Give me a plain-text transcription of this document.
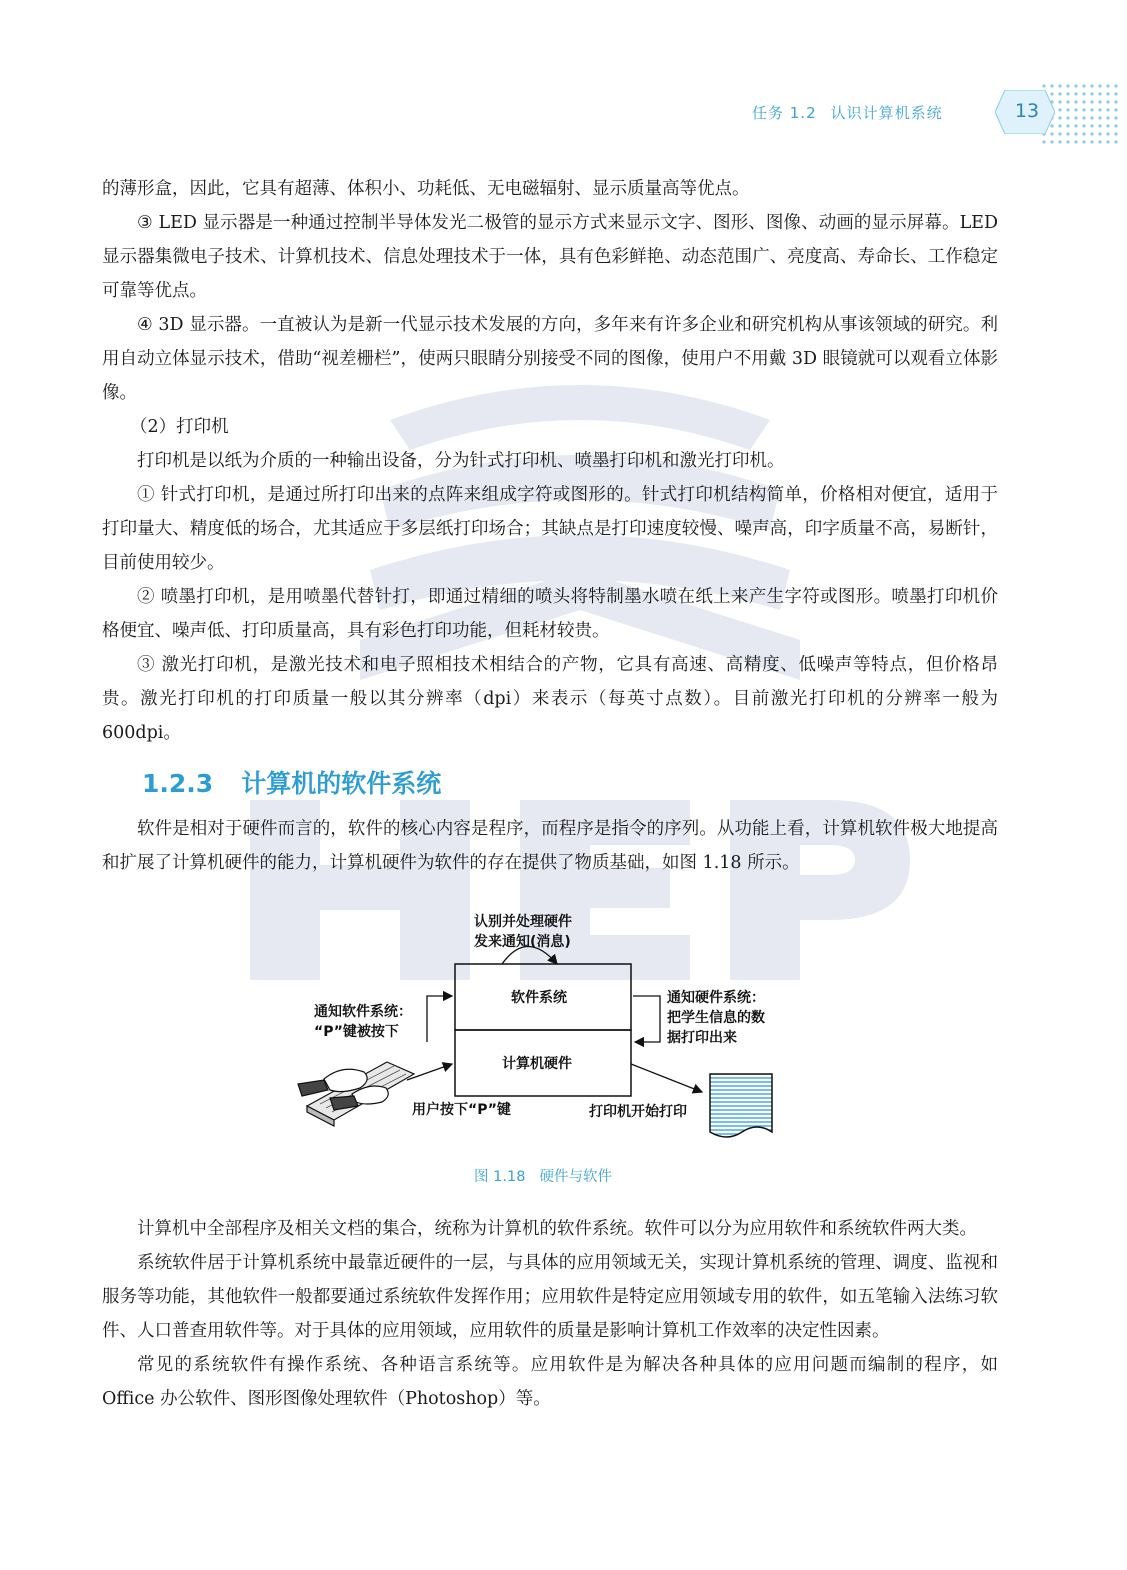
任务 1.2 认识计算机系统	13

的薄形盒，因此，它具有超薄、体积小、功耗低、无电磁辐射、显示质量高等优点。

③ LED 显示器是一种通过控制半导体发光二极管的显示方式来显示文字、图形、图像、动画的显示屏幕。LED 显示器集微电子技术、计算机技术、信息处理技术于一体，具有色彩鲜艳、动态范围广、亮度高、寿命长、工作稳定可靠等优点。

④ 3D 显示器。一直被认为是新一代显示技术发展的方向，多年来有许多企业和研究机构从事该领域的研究。利用自动立体显示技术，借助“视差栅栏”，使两只眼睛分别接受不同的图像，使用户不用戴 3D 眼镜就可以观看立体影像。

（2）打印机

打印机是以纸为介质的一种输出设备，分为针式打印机、喷墨打印机和激光打印机。

① 针式打印机，是通过所打印出来的点阵来组成字符或图形的。针式打印机结构简单，价格相对便宜，适用于打印量大、精度低的场合，尤其适应于多层纸打印场合；其缺点是打印速度较慢、噪声高，印字质量不高，易断针，目前使用较少。

② 喷墨打印机，是用喷墨代替针打，即通过精细的喷头将特制墨水喷在纸上来产生字符或图形。喷墨打印机价格便宜、噪声低、打印质量高，具有彩色打印功能，但耗材较贵。

③ 激光打印机，是激光技术和电子照相技术相结合的产物，它具有高速、高精度、低噪声等特点，但价格昂贵。激光打印机的打印质量一般以其分辨率（dpi）来表示（每英寸点数）。目前激光打印机的分辨率一般为 600dpi。

1.2.3 计算机的软件系统

软件是相对于硬件而言的，软件的核心内容是程序，而程序是指令的序列。从功能上看，计算机软件极大地提高和扩展了计算机硬件的能力，计算机硬件为软件的存在提供了物质基础，如图 1.18 所示。

认别并处理硬件
发来通知(消息)
软件系统
计算机硬件
通知软件系统：
“P”键被按下
通知硬件系统：
把学生信息的数
据打印出来
用户按下“P”键	打印机开始打印

图 1.18 硬件与软件

计算机中全部程序及相关文档的集合，统称为计算机的软件系统。软件可以分为应用软件和系统软件两大类。

系统软件居于计算机系统中最靠近硬件的一层，与具体的应用领域无关，实现计算机系统的管理、调度、监视和服务等功能，其他软件一般都要通过系统软件发挥作用；应用软件是特定应用领域专用的软件，如五笔输入法练习软件、人口普查用软件等。对于具体的应用领域，应用软件的质量是影响计算机工作效率的决定性因素。

常见的系统软件有操作系统、各种语言系统等。应用软件是为解决各种具体的应用问题而编制的程序，如 Office 办公软件、图形图像处理软件（Photoshop）等。
